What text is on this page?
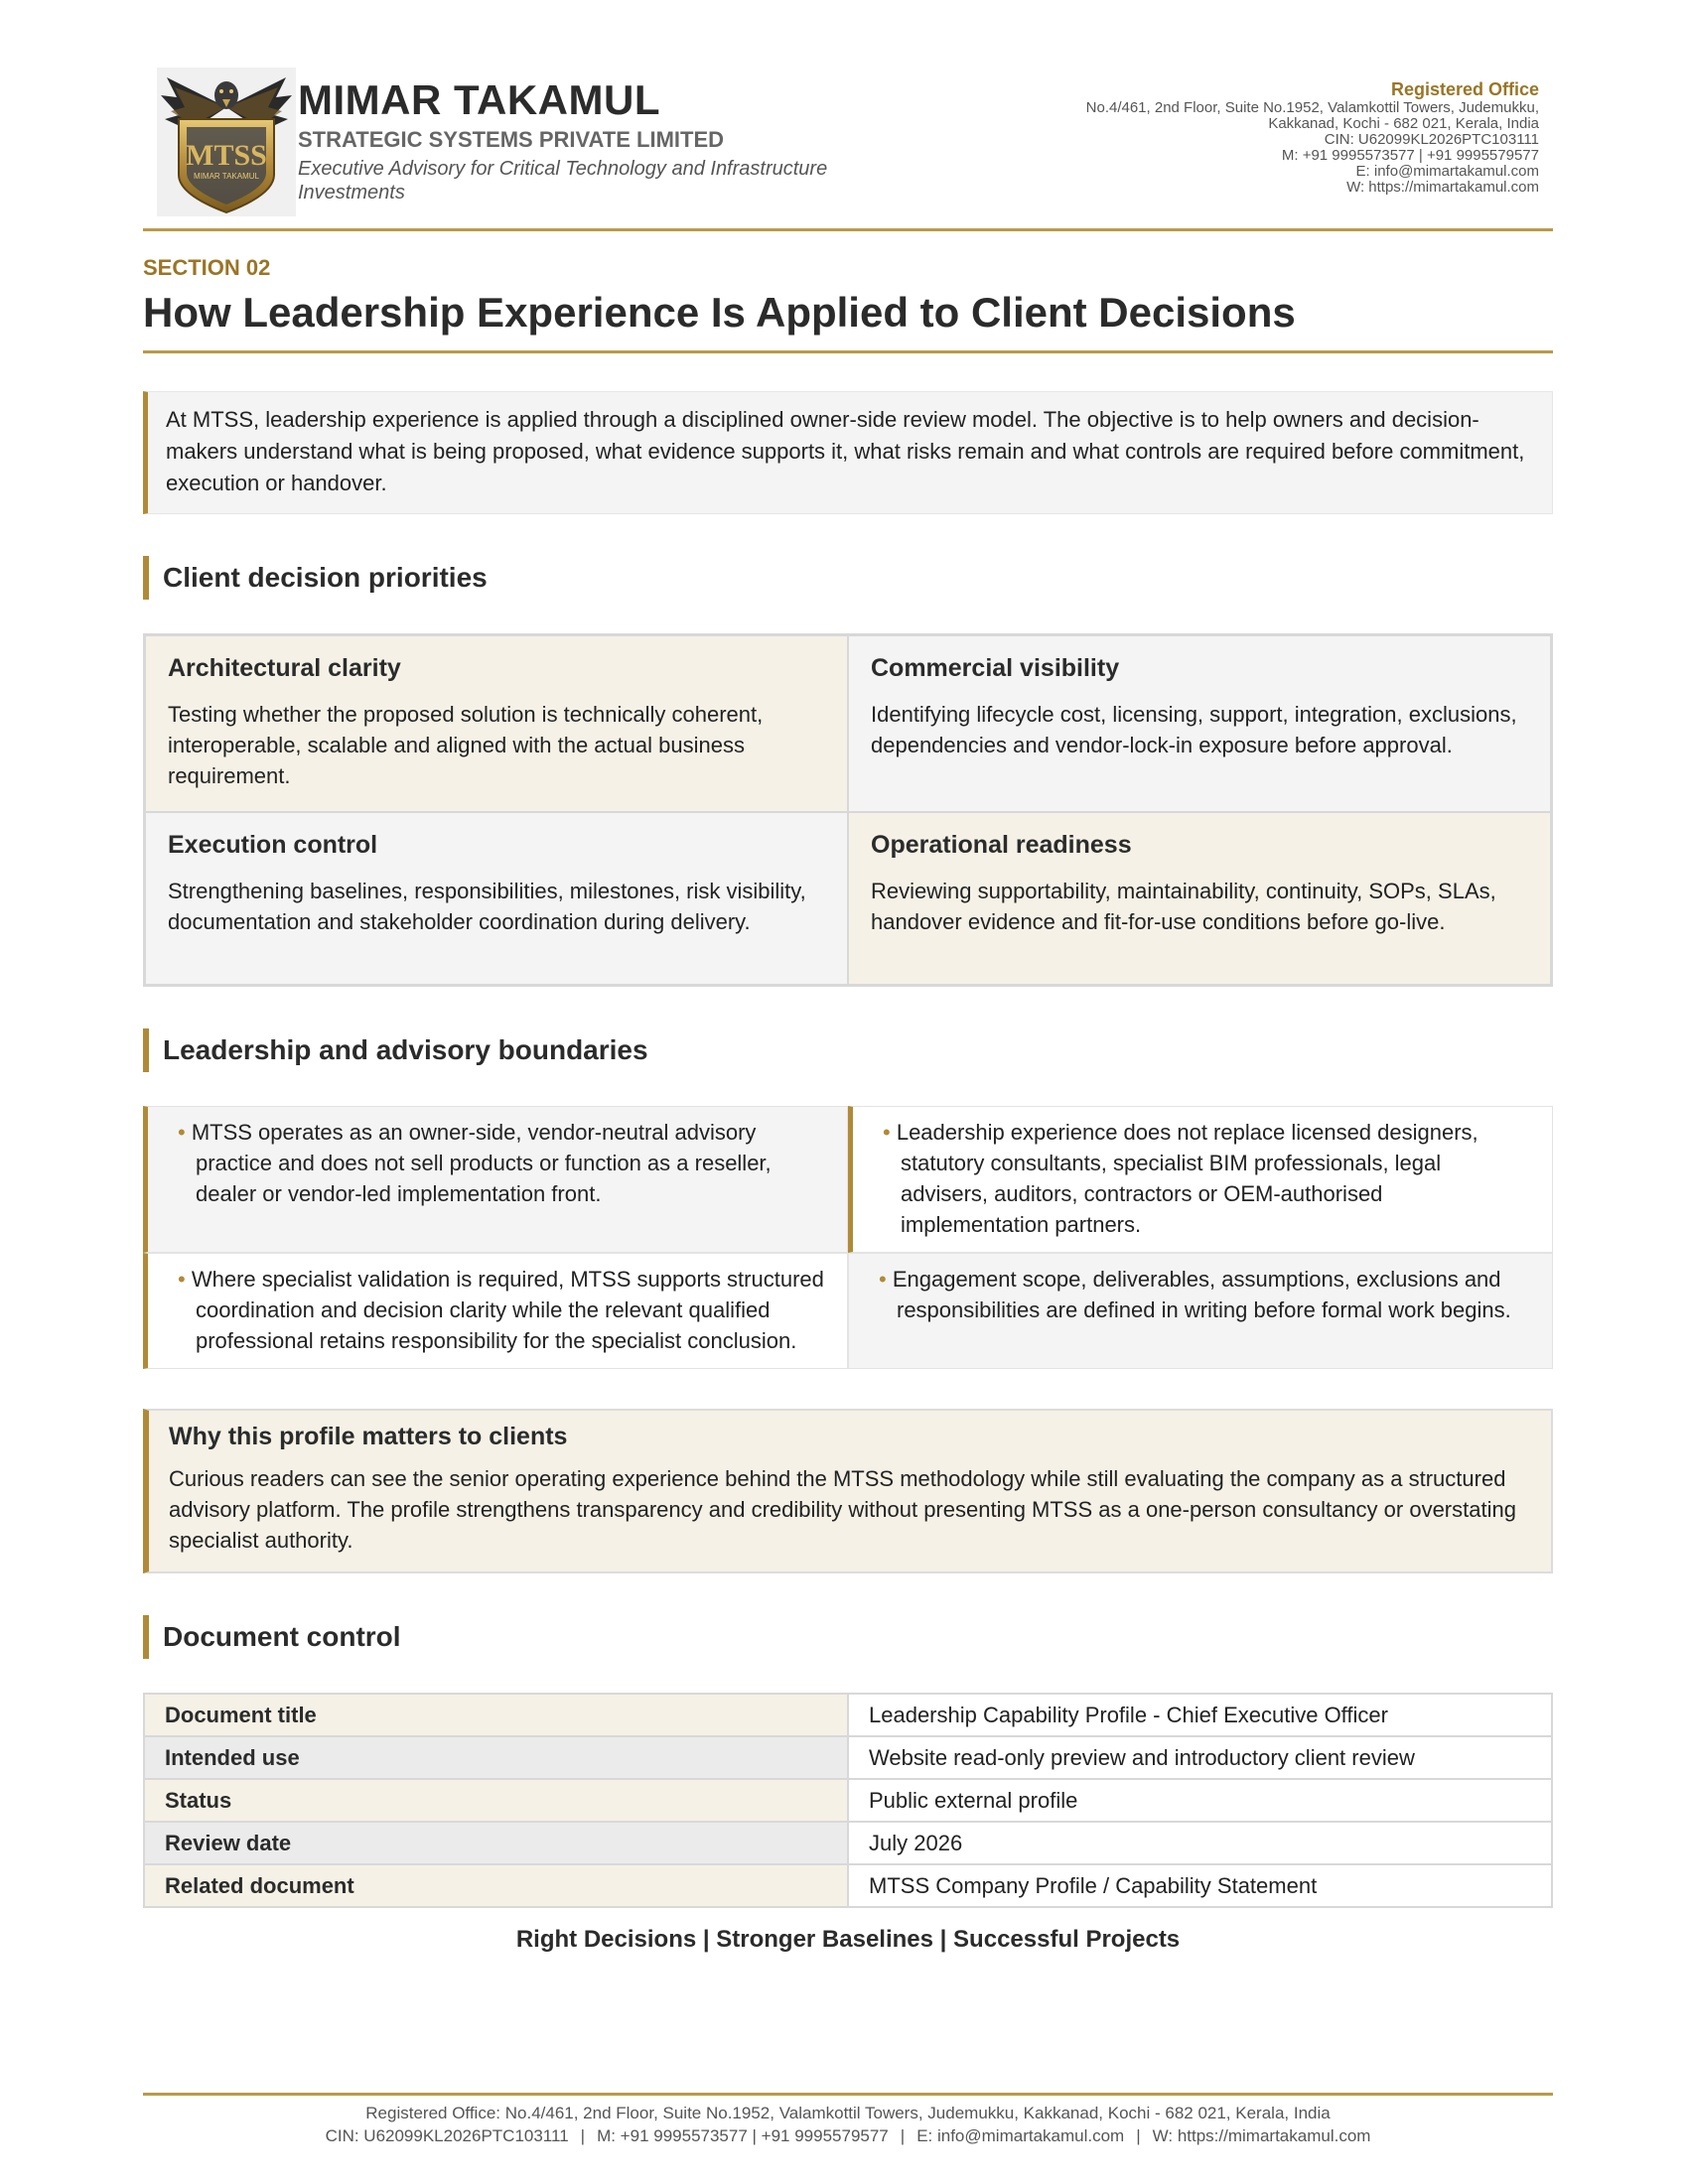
MTSS
MIMAR TAKAMUL
MIMAR TAKAMUL
STRATEGIC SYSTEMS PRIVATE LIMITED
Executive Advisory for Critical Technology and Infrastructure Investments
Registered Office
No.4/461, 2nd Floor, Suite No.1952, Valamkottil Towers, Judemukku,
Kakkanad, Kochi - 682 021, Kerala, India
CIN: U62099KL2026PTC103111
M: +91 9995573577 | +91 9995579577
E: info@mimartakamul.com
W: https://mimartakamul.com
SECTION 02
How Leadership Experience Is Applied to Client Decisions
At MTSS, leadership experience is applied through a disciplined owner-side review model. The objective is to help owners and decision-makers understand what is being proposed, what evidence supports it, what risks remain and what controls are required before commitment, execution or handover.
Client decision priorities
Architectural clarity
Testing whether the proposed solution is technically coherent, interoperable, scalable and aligned with the actual business requirement.
Commercial visibility
Identifying lifecycle cost, licensing, support, integration, exclusions, dependencies and vendor-lock-in exposure before approval.
Execution control
Strengthening baselines, responsibilities, milestones, risk visibility, documentation and stakeholder coordination during delivery.
Operational readiness
Reviewing supportability, maintainability, continuity, SOPs, SLAs, handover evidence and fit-for-use conditions before go-live.
Leadership and advisory boundaries
• MTSS operates as an owner-side, vendor-neutral advisory practice and does not sell products or function as a reseller, dealer or vendor-led implementation front.
• Leadership experience does not replace licensed designers, statutory consultants, specialist BIM professionals, legal advisers, auditors, contractors or OEM-authorised implementation partners.
• Where specialist validation is required, MTSS supports structured coordination and decision clarity while the relevant qualified professional retains responsibility for the specialist conclusion.
• Engagement scope, deliverables, assumptions, exclusions and responsibilities are defined in writing before formal work begins.
Why this profile matters to clients
Curious readers can see the senior operating experience behind the MTSS methodology while still evaluating the company as a structured advisory platform. The profile strengthens transparency and credibility without presenting MTSS as a one-person consultancy or overstating specialist authority.
Document control
Document title	Leadership Capability Profile - Chief Executive Officer
Intended use	Website read-only preview and introductory client review
Status	Public external profile
Review date	July 2026
Related document	MTSS Company Profile / Capability Statement
Right Decisions | Stronger Baselines | Successful Projects
Registered Office: No.4/461, 2nd Floor, Suite No.1952, Valamkottil Towers, Judemukku, Kakkanad, Kochi - 682 021, Kerala, India
CIN: U62099KL2026PTC103111 | M: +91 9995573577 | +91 9995579577 | E: info@mimartakamul.com | W: https://mimartakamul.com
